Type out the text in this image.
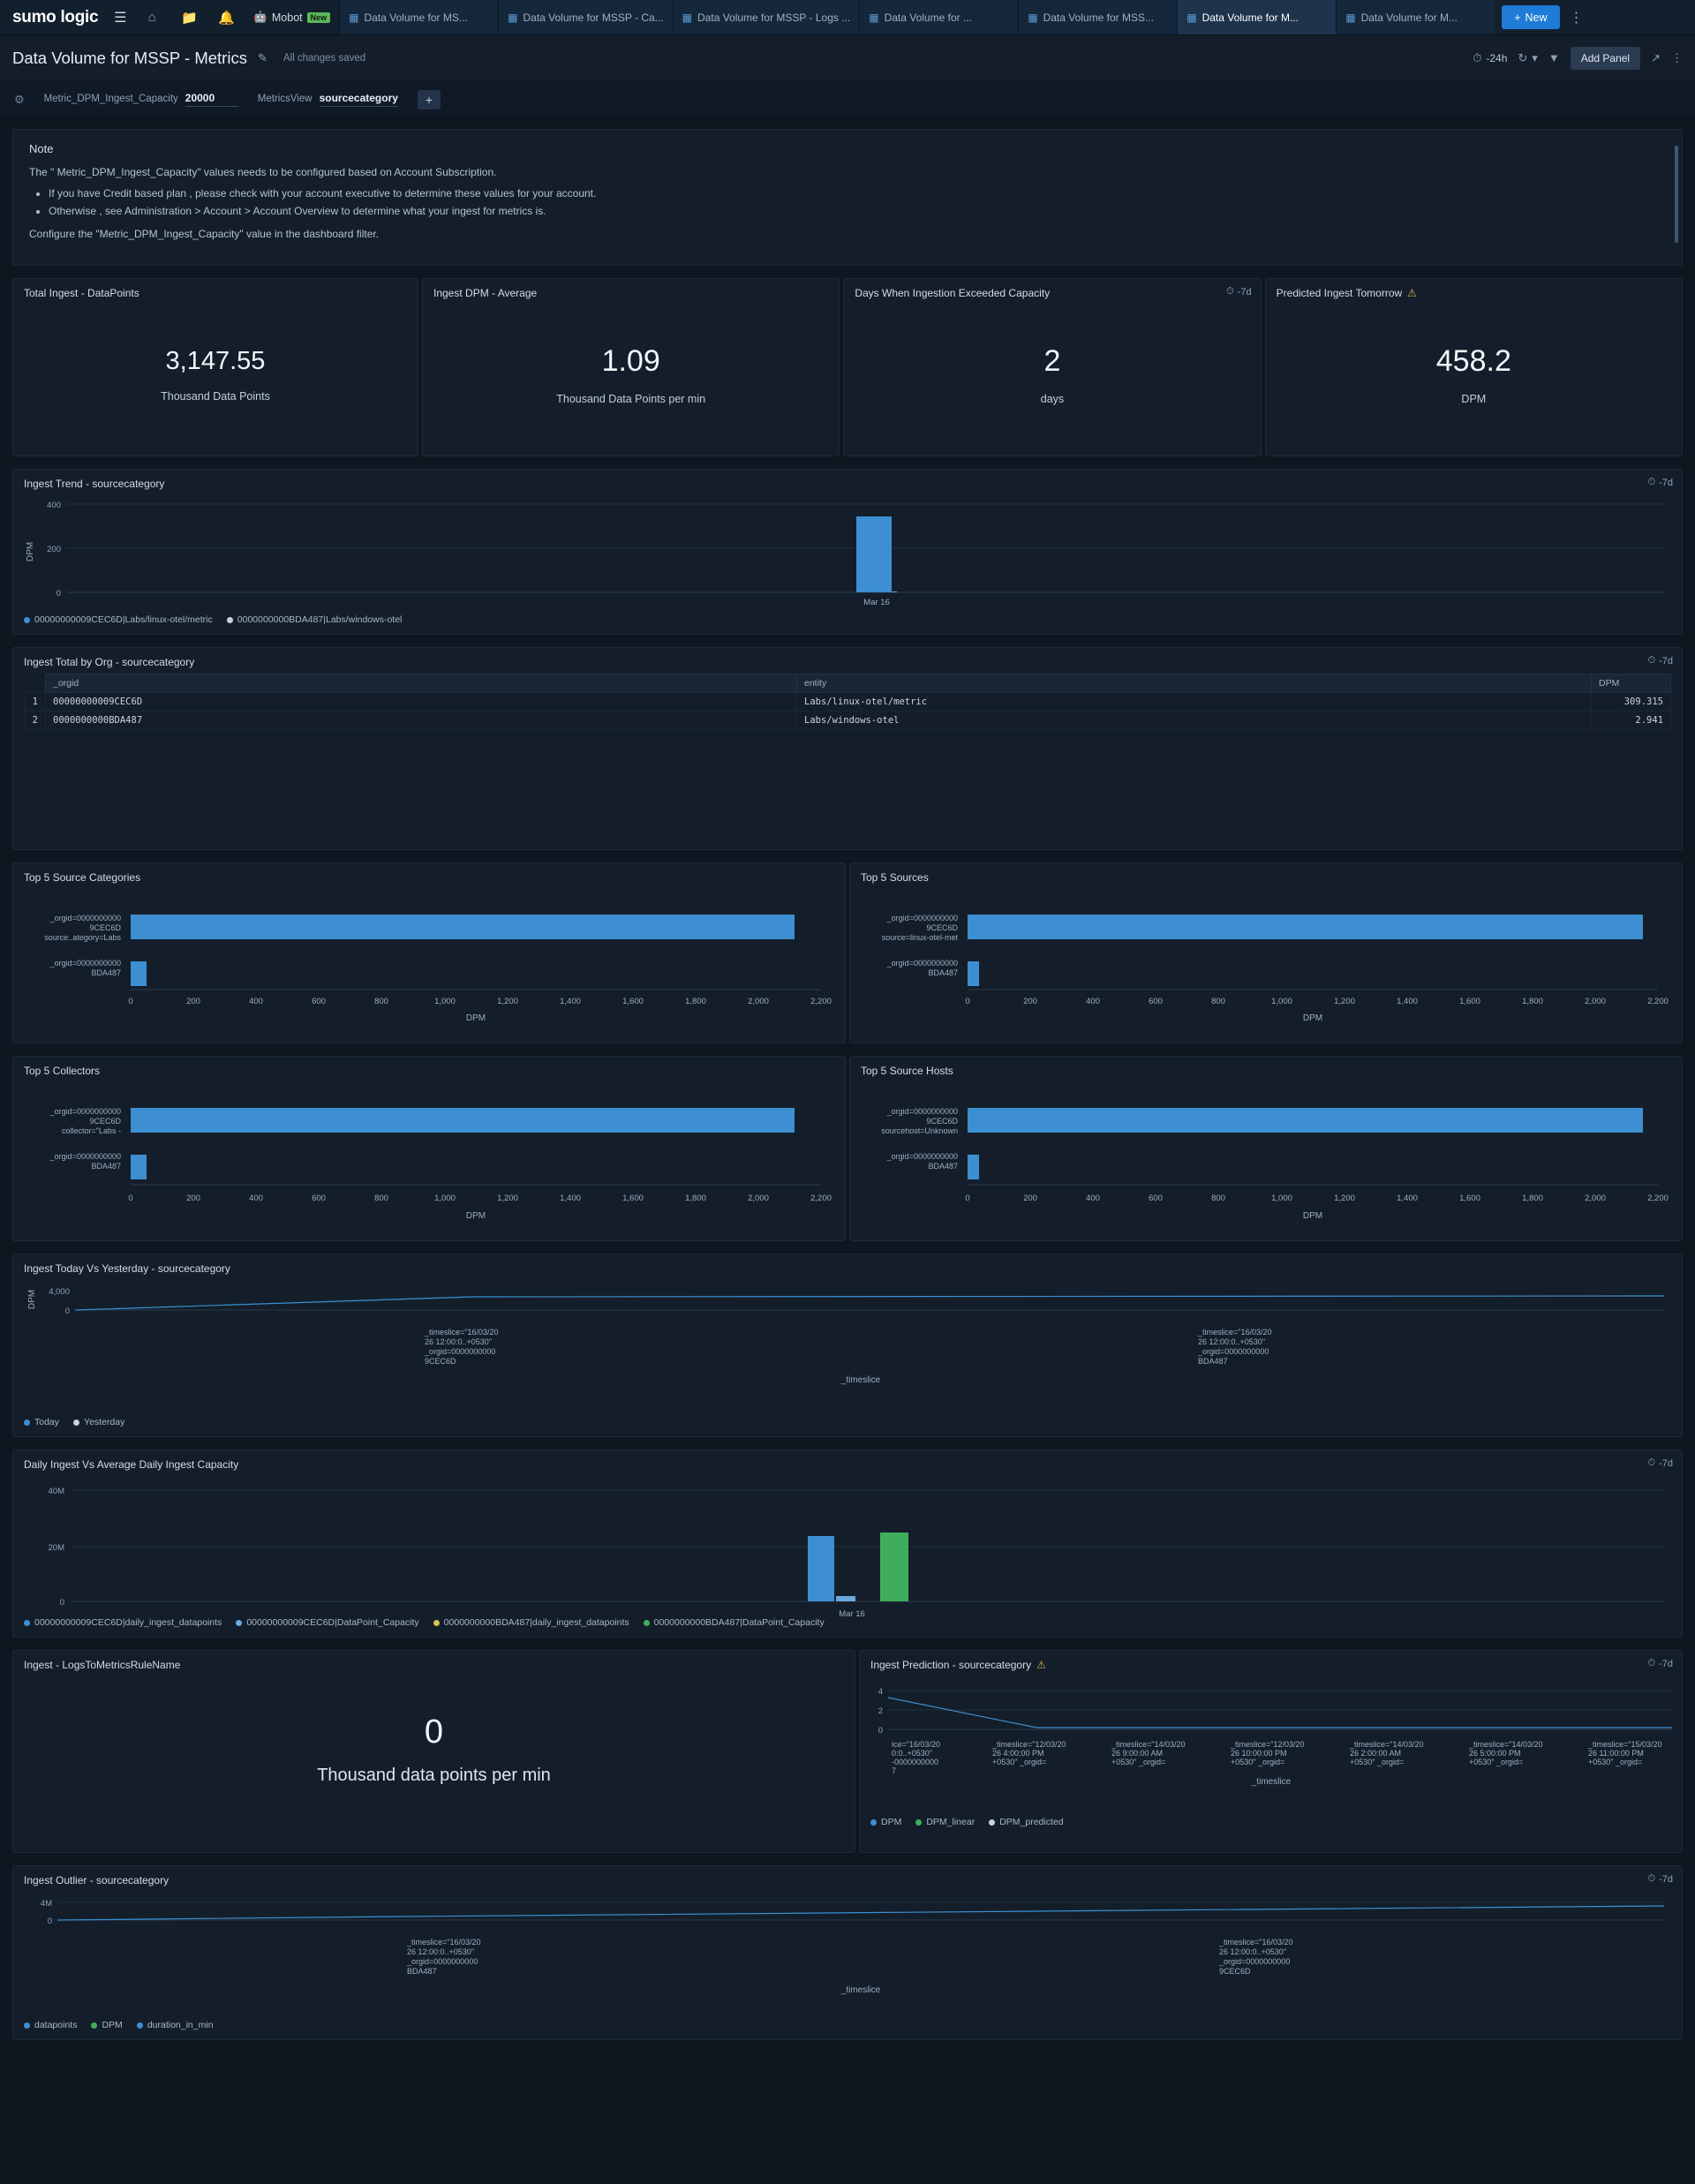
sumo logic	☰	⌂	📁	🔔	🤖 Mobot	New	▦ Data Volume for MS...	▦ Data Volume for MSSP - Ca... ▦ Data Volume for MSSP - Logs ... ▦ Data Volume for ...	▦ Data Volume for MSS...	▦ Data Volume for M...	▦ Data Volume for M...	+ New	⋮
Data Volume for MSSP - Metrics ✎ All changes saved	⏱ -24h ↻ ▾ ▼	Add Panel	↗ ⋮
⚙ Metric_DPM_Ingest_Capacity 20000	MetricsView sourcecategory	+
Note

The " Metric_DPM_Ingest_Capacity" values needs to be configured based on Account Subscription.

• If you have Credit based plan , please check with your account executive to determine these values for your account.
• Otherwise , see Administration > Account > Account Overview to determine what your ingest for metrics is.

Configure the "Metric_DPM_Ingest_Capacity" value in the dashboard filter.

Total Ingest - DataPoints
3,147.55
Thousand Data Points
Ingest DPM - Average
1.09
Thousand Data Points per min
Days When Ingestion Exceeded Capacity	⏱ -7d
2
days
Predicted Ingest Tomorrow ⚠
458.2
DPM
Ingest Trend - sourcecategory	⏱ -7d
DPM
400
200
0
Mar 16
00000000009CEC6D|Labs/linux-otel/metric	0000000000BDA487|Labs/windows-otel
Ingest Total by Org - sourcecategory	⏱ -7d
	_orgid	entity	DPM
1	00000000009CEC6D	Labs/linux-otel/metric	309.315
2	0000000000BDA487	Labs/windows-otel	2.941
Top 5 Source Categories
_orgid=0000000000
9CEC6D
source..ategory=Labs
_orgid=0000000000
BDA487
0	200	400	600	800	1,000	1,200	1,400	1,600	1,800	2,000	2,200
DPM
Top 5 Sources
_orgid=0000000000
9CEC6D
source=linux-otel-met
_orgid=0000000000
BDA487
0	200	400	600	800	1,000	1,200	1,400	1,600	1,800	2,000	2,200
DPM
Top 5 Collectors
_orgid=0000000000
9CEC6D
collector="Labs -
_orgid=0000000000
BDA487
0	200	400	600	800	1,000	1,200	1,400	1,600	1,800	2,000	2,200
DPM
Top 5 Source Hosts
_orgid=0000000000
9CEC6D
sourcehost=Unknown
_orgid=0000000000
BDA487
0	200	400	600	800	1,000	1,200	1,400	1,600	1,800	2,000	2,200
DPM
Ingest Today Vs Yesterday - sourcecategory
DPM 4,000
0
_timeslice="16/03/20
26 12:00:0..+0530"
_orgid=0000000000
9CEC6D
_timeslice="16/03/20
26 12:00:0..+0530"
_orgid=0000000000
BDA487
_timeslice
Today	Yesterday
Daily Ingest Vs Average Daily Ingest Capacity	⏱ -7d
40M
20M
0
Mar 16
00000000009CEC6D|daily_ingest_datapoints	00000000009CEC6D|DataPoint_Capacity	0000000000BDA487|daily_ingest_datapoints	0000000000BDA487|DataPoint_Capacity
Ingest - LogsToMetricsRuleName
0
Thousand data points per min
Ingest Prediction - sourcecategory ⚠	⏱ -7d
4
2
0
ice="16/03/20
0:0..+0530"
-0000000000
7
_timeslice="12/03/20
26 4:00:00 PM
+0530" _orgid=
_timeslice="14/03/20
26 9:00:00 AM
+0530" _orgid=
_timeslice="12/03/20
26 10:00:00 PM
+0530" _orgid=
_timeslice="14/03/20
26 2:00:00 AM
+0530" _orgid=
_timeslice="14/03/20
26 5:00:00 PM
+0530" _orgid=
_timeslice="15/03/20
26 11:00:00 PM
+0530" _orgid=
_timeslice
DPM	DPM_linear	DPM_predicted
Ingest Outlier - sourcecategory	⏱ -7d
4M
0
_timeslice="16/03/20
26 12:00:0..+0530"
_orgid=0000000000
BDA487
_timeslice="16/03/20
26 12:00:0..+0530"
_orgid=0000000000
9CEC6D
_timeslice
datapoints	DPM	duration_in_min
